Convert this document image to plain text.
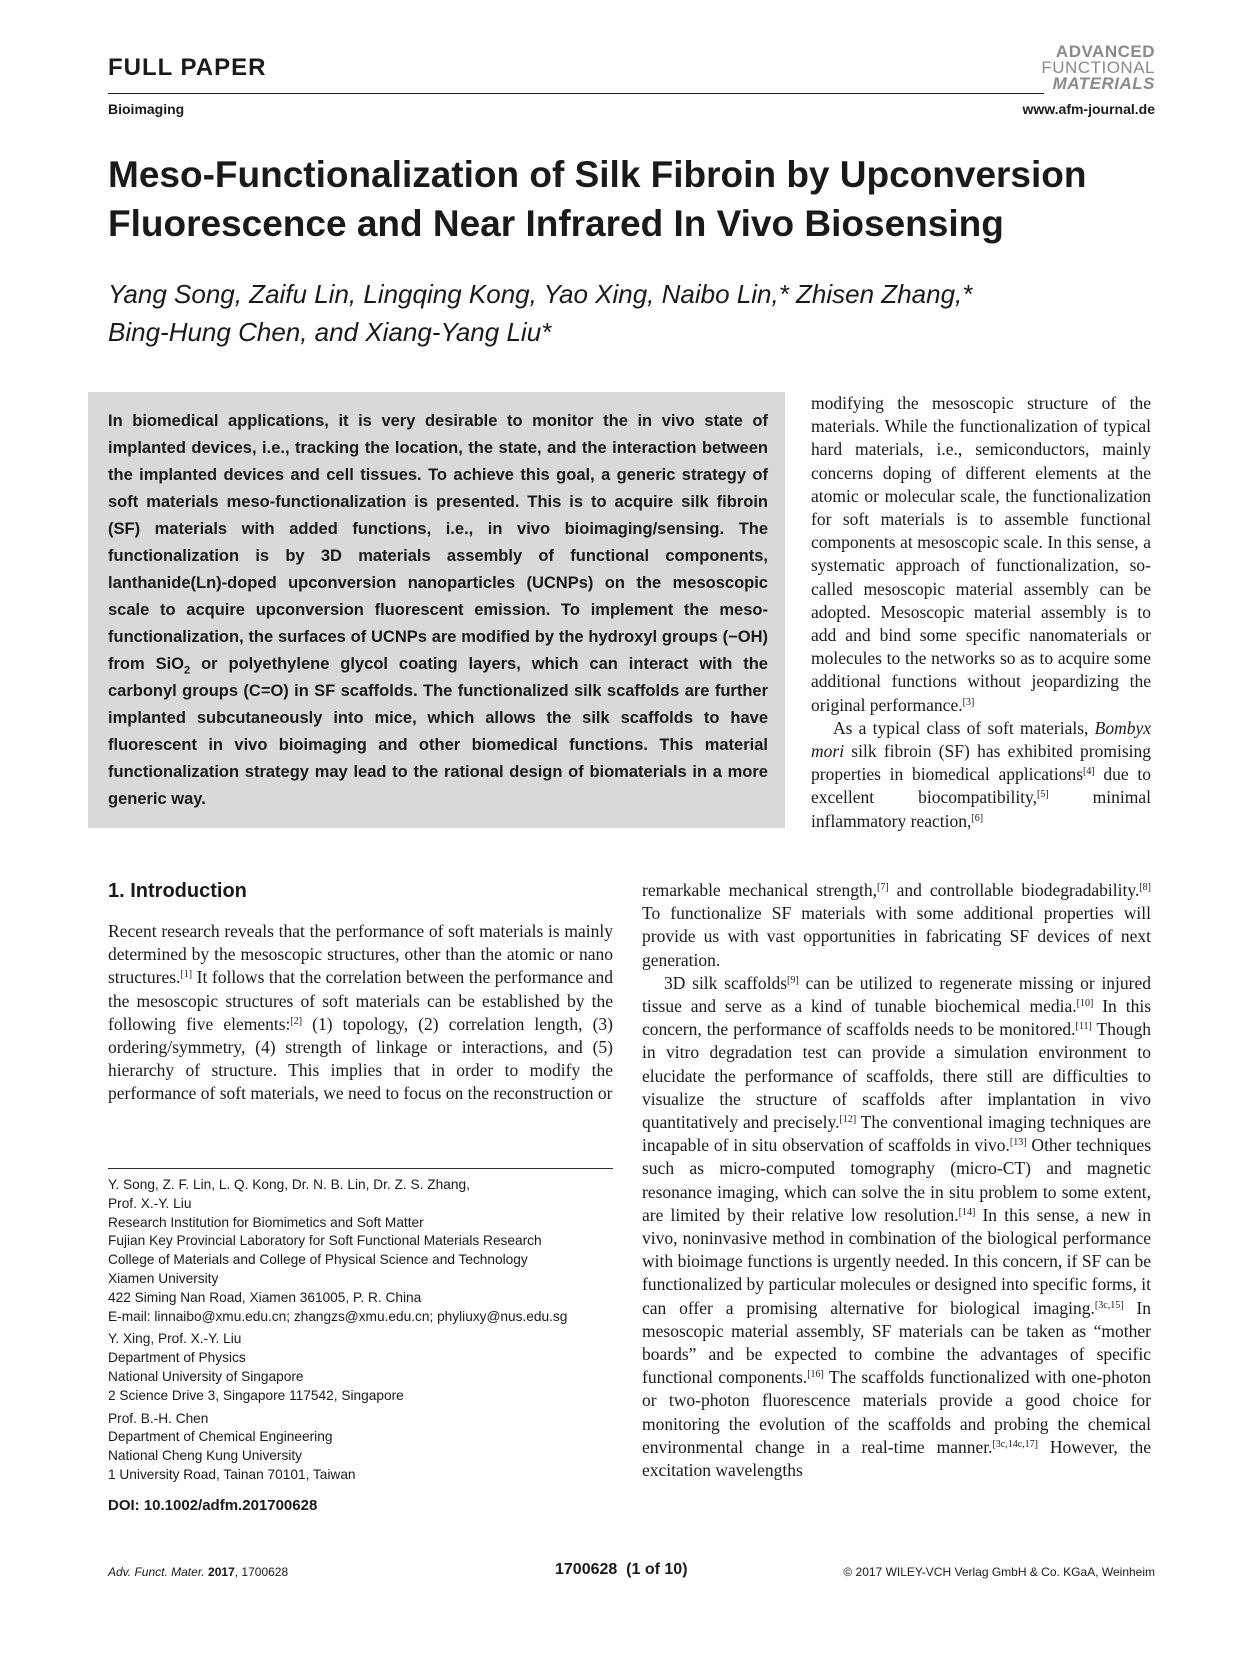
FULL PAPER
ADVANCED
FUNCTIONAL
MATERIALS
Bioimaging	www.afm-journal.de
Meso-Functionalization of Silk Fibroin by Upconversion
Fluorescence and Near Infrared In Vivo Biosensing
Yang Song, Zaifu Lin, Lingqing Kong, Yao Xing, Naibo Lin,* Zhisen Zhang,*
Bing-Hung Chen, and Xiang-Yang Liu*
In biomedical applications, it is very desirable to monitor the in vivo state of implanted devices, i.e., tracking the location, the state, and the interaction between the implanted devices and cell tissues. To achieve this goal, a generic strategy of soft materials meso-functionalization is presented. This is to acquire silk fibroin (SF) materials with added functions, i.e., in vivo bioimaging/sensing. The functionalization is by 3D materials assembly of functional components, lanthanide(Ln)-doped upconversion nanoparticles (UCNPs) on the mesoscopic scale to acquire upconversion fluorescent emission. To implement the meso-functionalization, the surfaces of UCNPs are modified by the hydroxyl groups (−OH) from SiO$_2$ or polyethylene glycol coating layers, which can interact with the carbonyl groups (C=O) in SF scaffolds. The functionalized silk scaffolds are further implanted subcutaneously into mice, which allows the silk scaffolds to have fluorescent in vivo bioimaging and other biomedical functions. This material functionalization strategy may lead to the rational design of biomaterials in a more generic way.

modifying the mesoscopic structure of the materials. While the functionalization of typical hard materials, i.e., semiconductors, mainly concerns doping of different elements at the atomic or molecular scale, the functionalization for soft materials is to assemble functional components at mesoscopic scale. In this sense, a systematic approach of functionalization, so-called mesoscopic material assembly can be adopted. Mesoscopic material assembly is to add and bind some specific nanomaterials or molecules to the networks so as to acquire some additional functions without jeopardizing the original performance.[3]

As a typical class of soft materials, Bombyx mori silk fibroin (SF) has exhibited promising properties in biomedical applications[4] due to excellent biocompatibility,[5] minimal inflammatory reaction,[6]

remarkable mechanical strength,[7] and controllable biodegradability.[8] To functionalize SF materials with some additional properties will provide us with vast opportunities in fabricating SF devices of next generation.

3D silk scaffolds[9] can be utilized to regenerate missing or injured tissue and serve as a kind of tunable biochemical media.[10] In this concern, the performance of scaffolds needs to be monitored.[11] Though in vitro degradation test can provide a simulation environment to elucidate the performance of scaffolds, there still are difficulties to visualize the structure of scaffolds after implantation in vivo quantitatively and precisely.[12] The conventional imaging techniques are incapable of in situ observation of scaffolds in vivo.[13] Other techniques such as micro-computed tomography (micro-CT) and magnetic resonance imaging, which can solve the in situ problem to some extent, are limited by their relative low resolution.[14] In this sense, a new in vivo, noninvasive method in combination of the biological performance with bioimage functions is urgently needed. In this concern, if SF can be functionalized by particular molecules or designed into specific forms, it can offer a promising alternative for biological imaging.[3c,15] In mesoscopic material assembly, SF materials can be taken as “mother boards” and be expected to combine the advantages of specific functional components.[16] The scaffolds functionalized with one-photon or two-photon fluorescence materials provide a good choice for monitoring the evolution of the scaffolds and probing the chemical environmental change in a real-time manner.[3c,14c,17] However, the excitation wavelengths

1. Introduction
Recent research reveals that the performance of soft materials is mainly determined by the mesoscopic structures, other than the atomic or nano structures.[1] It follows that the correlation between the performance and the mesoscopic structures of soft materials can be established by the following five elements:[2] (1) topology, (2) correlation length, (3) ordering/symmetry, (4) strength of linkage or interactions, and (5) hierarchy of structure. This implies that in order to modify the performance of soft materials, we need to focus on the reconstruction or
Y. Song, Z. F. Lin, L. Q. Kong, Dr. N. B. Lin, Dr. Z. S. Zhang,
Prof. X.-Y. Liu
Research Institution for Biomimetics and Soft Matter
Fujian Key Provincial Laboratory for Soft Functional Materials Research
College of Materials and College of Physical Science and Technology
Xiamen University
422 Siming Nan Road, Xiamen 361005, P. R. China
E-mail: linnaibo@xmu.edu.cn; zhangzs@xmu.edu.cn; phyliuxy@nus.edu.sg
Y. Xing, Prof. X.-Y. Liu
Department of Physics
National University of Singapore
2 Science Drive 3, Singapore 117542, Singapore
Prof. B.-H. Chen
Department of Chemical Engineering
National Cheng Kung University
1 University Road, Tainan 70101, Taiwan
DOI: 10.1002/adfm.201700628
Adv. Funct. Mater. 2017, 1700628	1700628  (1 of 10)	© 2017 WILEY-VCH Verlag GmbH & Co. KGaA, Weinheim
